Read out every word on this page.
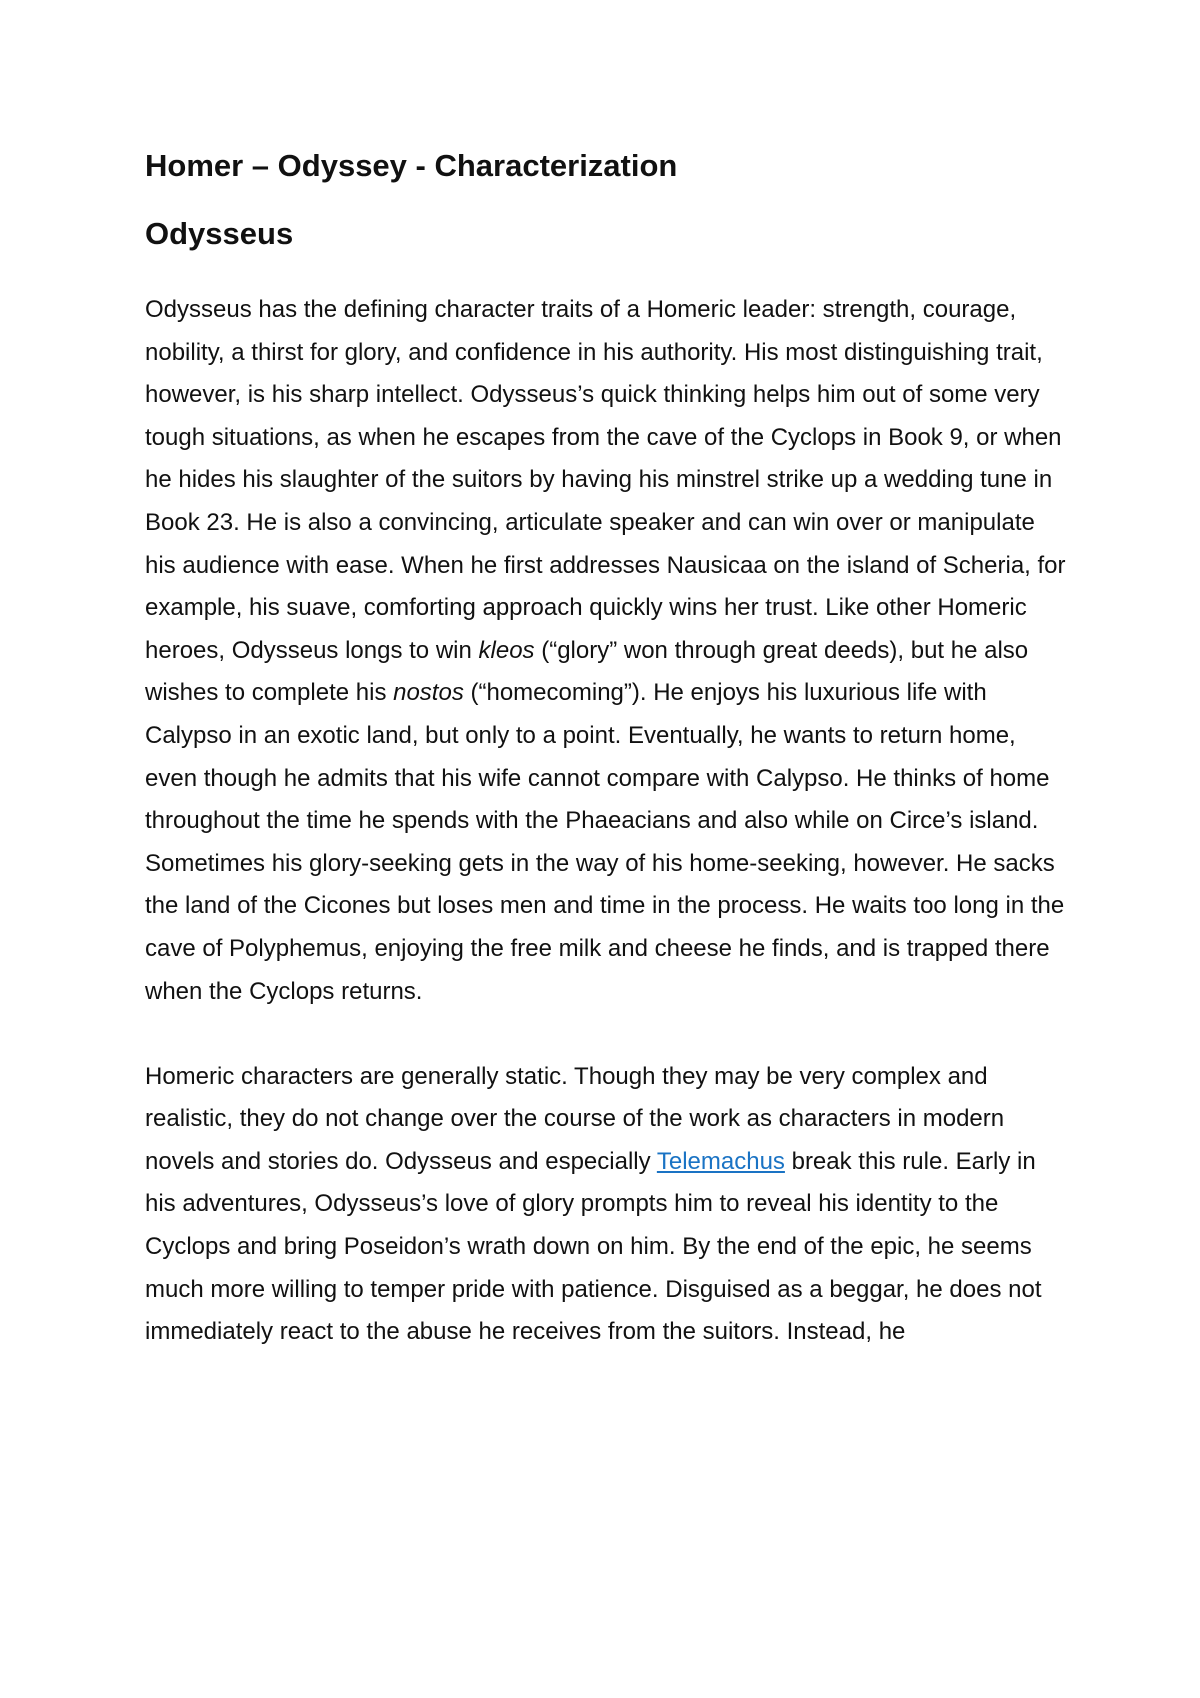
Homer – Odyssey - Characterization
Odysseus

Odysseus has the defining character traits of a Homeric leader: strength, courage, nobility, a thirst for glory, and confidence in his authority. His most distinguishing trait, however, is his sharp intellect. Odysseus’s quick thinking helps him out of some very tough situations, as when he escapes from the cave of the Cyclops in Book 9, or when he hides his slaughter of the suitors by having his minstrel strike up a wedding tune in Book 23. He is also a convincing, articulate speaker and can win over or manipulate his audience with ease. When he first addresses Nausicaa on the island of Scheria, for example, his suave, comforting approach quickly wins her trust. Like other Homeric heroes, Odysseus longs to win kleos (“glory” won through great deeds), but he also wishes to complete his nostos (“homecoming”). He enjoys his luxurious life with Calypso in an exotic land, but only to a point. Eventually, he wants to return home, even though he admits that his wife cannot compare with Calypso. He thinks of home throughout the time he spends with the Phaeacians and also while on Circe’s island. Sometimes his glory-seeking gets in the way of his home-seeking, however. He sacks the land of the Cicones but loses men and time in the process. He waits too long in the cave of Polyphemus, enjoying the free milk and cheese he finds, and is trapped there when the Cyclops returns.

Homeric characters are generally static. Though they may be very complex and realistic, they do not change over the course of the work as characters in modern novels and stories do. Odysseus and especially Telemachus break this rule. Early in his adventures, Odysseus’s love of glory prompts him to reveal his identity to the Cyclops and bring Poseidon’s wrath down on him. By the end of the epic, he seems much more willing to temper pride with patience. Disguised as a beggar, he does not immediately react to the abuse he receives from the suitors. Instead, he
